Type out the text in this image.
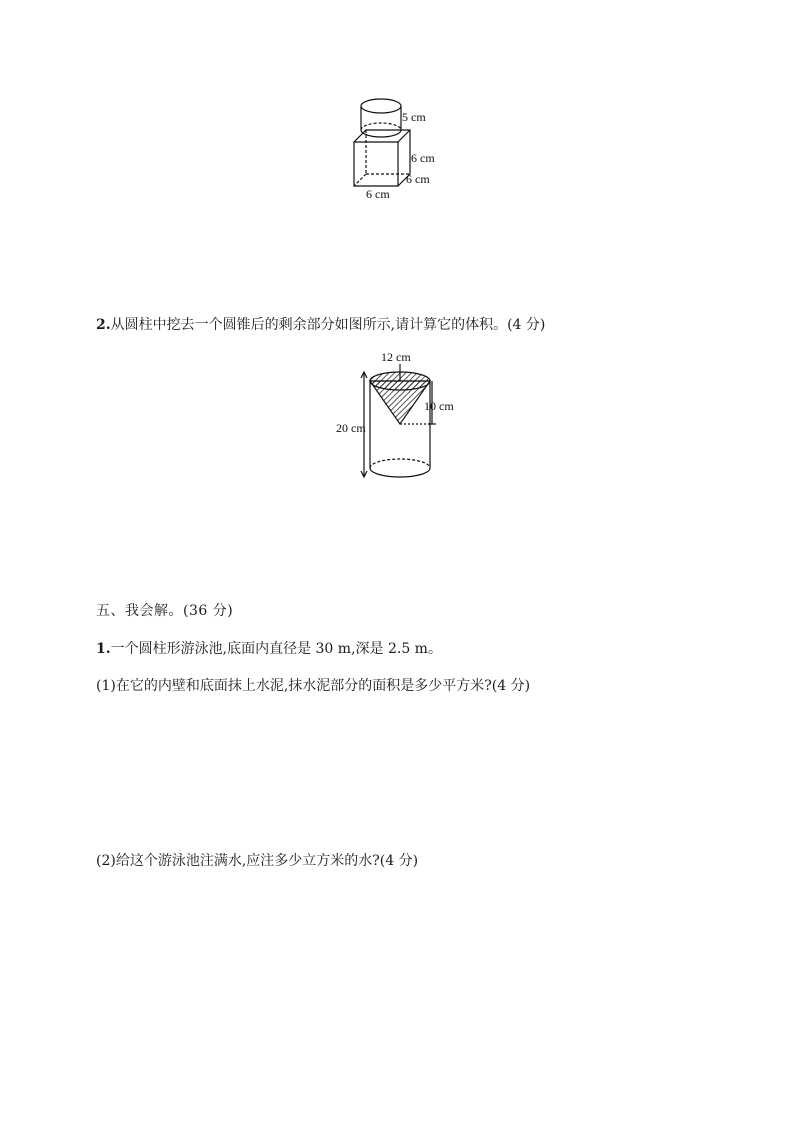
5 cm
6 cm
6 cm
6 cm
2.从圆柱中挖去一个圆锥后的剩余部分如图所示,请计算它的体积。(4 分)
12 cm
10 cm
20 cm
五、我会解。(36 分)
1.一个圆柱形游泳池,底面内直径是 30 m,深是 2.5 m。
(1)在它的内壁和底面抹上水泥,抹水泥部分的面积是多少平方米?(4 分)
(2)给这个游泳池注满水,应注多少立方米的水?(4 分)
